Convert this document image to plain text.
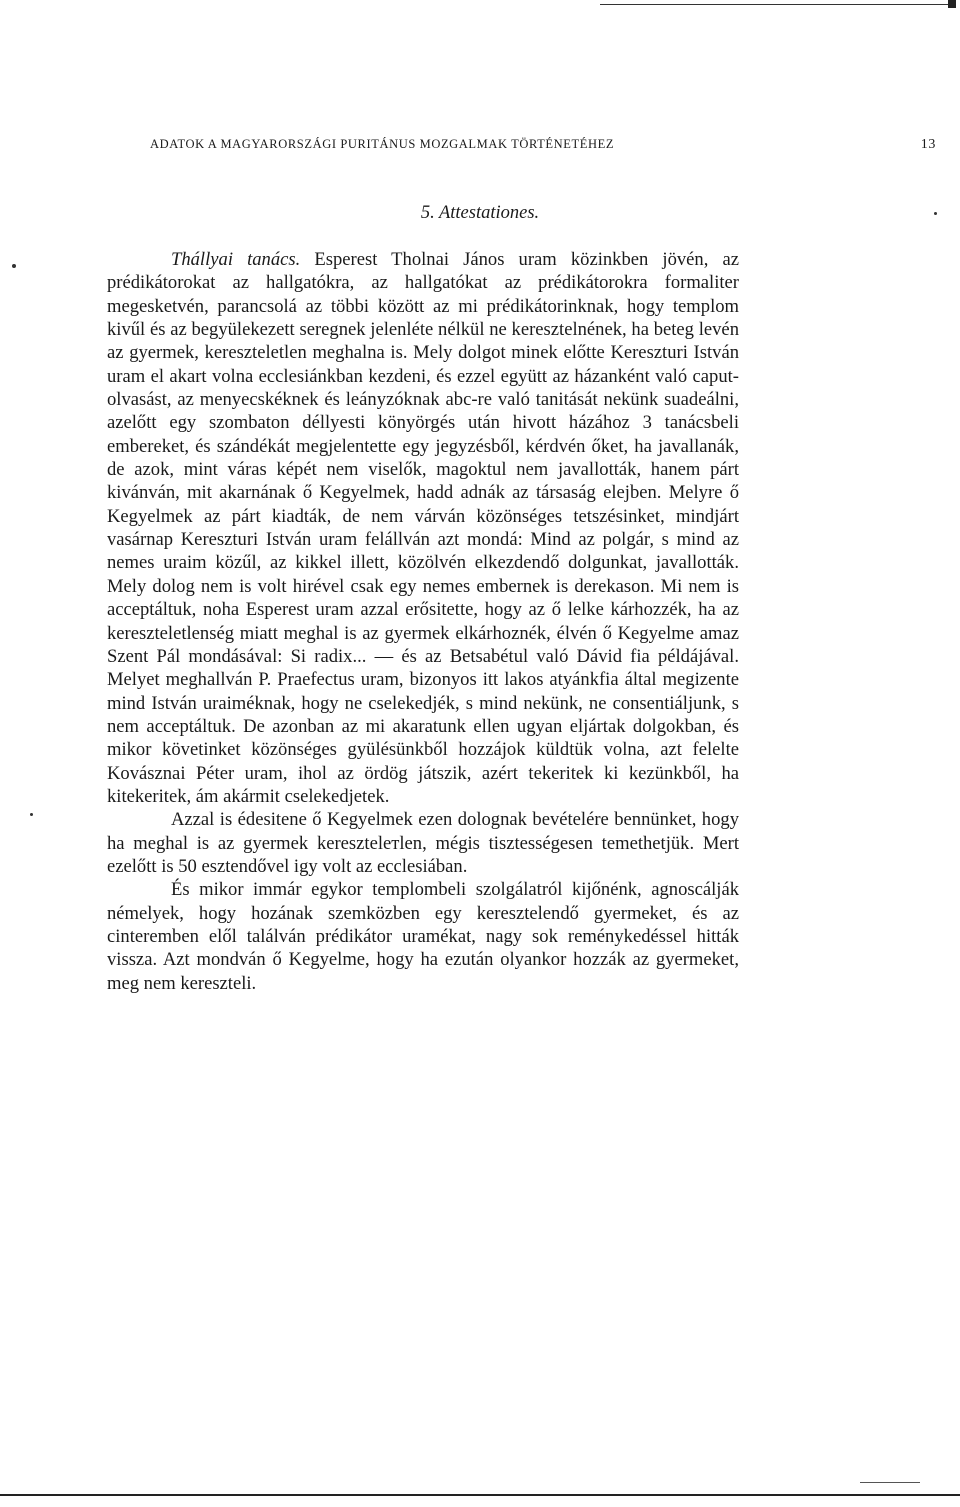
ADATOK A MAGYARORSZÁGI PURITÁNUS MOZGALMAK TÖRTÉNETÉHEZ	13
5. Attestationes.

Thállyai tanács. Esperest Tholnai János uram közinkben jövén, az prédikátorokat az hallgatókra, az hallgatókat az prédikátorokra formaliter megesketvén, parancsolá az többi között az mi prédikátorinknak, hogy templom kivűl és az begyülekezett seregnek jelenléte nélkül ne keresztelnének, ha beteg levén az gyermek, kereszteletlen meghalna is. Mely dolgot minek előtte Kereszturi István uram el akart volna ecclesiánkban kezdeni, és ezzel együtt az házanként való caput-olvasást, az menyecskéknek és leányzóknak abc-re való tanitását nekünk suadeálni, azelőtt egy szombaton déllyesti könyörgés után hivott házához 3 tanácsbeli embereket, és szándékát megjelentette egy jegyzésből, kérdvén őket, ha javallanák, de azok, mint váras képét nem viselők, magoktul nem javallották, hanem párt kivánván, mit akarnának ő Kegyelmek, hadd adnák az társaság elejben. Melyre ő Kegyelmek az párt kiadták, de nem várván közönséges tetszésinket, mindjárt vasárnap Kereszturi István uram felállván azt mondá: Mind az polgár, s mind az nemes uraim közűl, az kikkel illett, közölvén elkezdendő dolgunkat, javallották. Mely dolog nem is volt hirével csak egy nemes embernek is derekason. Mi nem is acceptáltuk, noha Esperest uram azzal erősitette, hogy az ő lelke kárhozzék, ha az kereszteletlenség miatt meghal is az gyermek elkárhoznék, élvén ő Kegyelme amaz Szent Pál mondásával: Si radix... — és az Betsabétul való Dávid fia példájával. Melyet meghallván P. Praefectus uram, bizonyos itt lakos atyánkfia által megizente mind István uraiméknak, hogy ne cselekedjék, s mind nekünk, ne consentiáljunk, s nem acceptáltuk. De azonban az mi akaratunk ellen ugyan eljártak dolgokban, és mikor követinket közönséges gyülésünkből hozzájok küldtük volna, azt felelte Kovásznai Péter uram, ihol az ördög játszik, azért tekeritek ki kezünkből, ha kitekeritek, ám akármit cselekedjetek.

Azzal is édesitene ő Kegyelmek ezen dolognak bevételére bennünket, hogy ha meghal is az gyermek keresztelетlen, mégis tisztességesen temethetjük. Mert ezelőtt is 50 esztendővel igy volt az ecclesiában.

És mikor immár egykor templombeli szolgálatról kijőnénk, agnoscálják némelyek, hogy hozának szemközben egy keresztelendő gyermeket, és az cinteremben elől találván prédikátor uramékat, nagy sok reménykedéssel hitták vissza. Azt mondván ő Kegyelme, hogy ha ezután olyankor hozzák az gyermeket, meg nem kereszteli.
